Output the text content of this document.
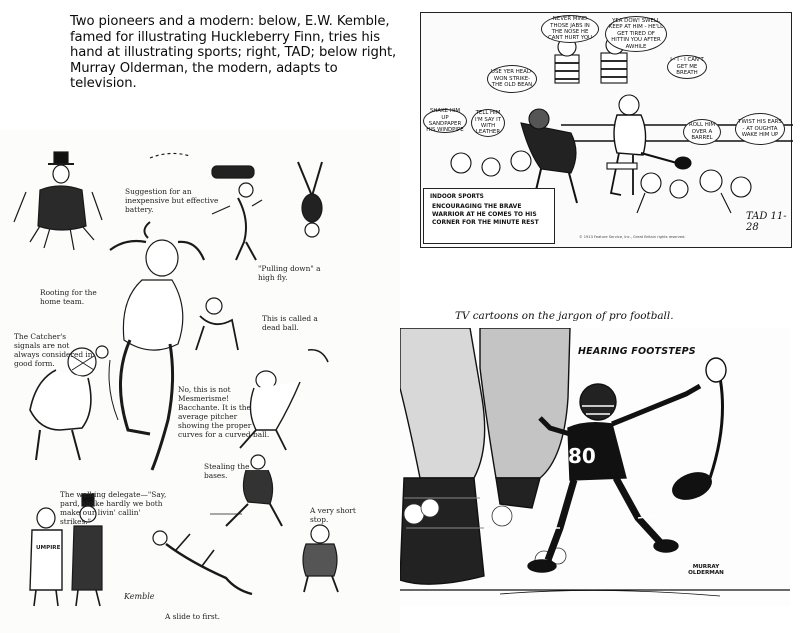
Two pioneers and a modern: below, E.W. Kemble, famed for illustrating Huckleberry Finn, tries his hand at illustrating sports; right, TAD; below right, Murray Olderman, the modern, adapts to television.
Suggestion for an inexpensive but effective battery.
Rooting for the home team.
"Pulling down" a high fly.
The Catcher's signals are not always considered in good form.
This is called a dead ball.
No, this is not Mesmerisme! Bacchante. It is the average pitcher showing the proper curves for a curved ball.
Stealing the bases.
The walking delegate—"Say, pard, shake hardly we both make our livin' callin' strikes."
A very short stop.
A slide to first.
UMPIRE
Kemble
NEVER MIND THOSE JABS IN THE NOSE HE CANT HURT YOU
YEA DOW! SWELL KEEP AT HIM - HE'LL GET TIRED OF HITTIN YOU AFTER AWHILE
I - I - I CAN'T GET ME BREATH
USE YER HEAD-WON STRIKE-THE OLD BEAN
SHAKE HIM UP SANDPAPER HIS WINDPIPE
TELL HIM I'M SAY IT WITH LEATHER
ROLL HIM OVER A BARREL
TWIST HIS EARS - AT OUGHTA WAKE HIM UP
INDOOR SPORTS
ENCOURAGING THE BRAVE WARRIOR AT HE COMES TO HIS CORNER FOR THE MINUTE REST
© 1913 Feature Service, Inc., Great Britain rights reserved.
TAD 11-28
TV cartoons on the jargon of pro football.
HEARING FOOTSTEPS
80
MURRAY OLDERMAN
